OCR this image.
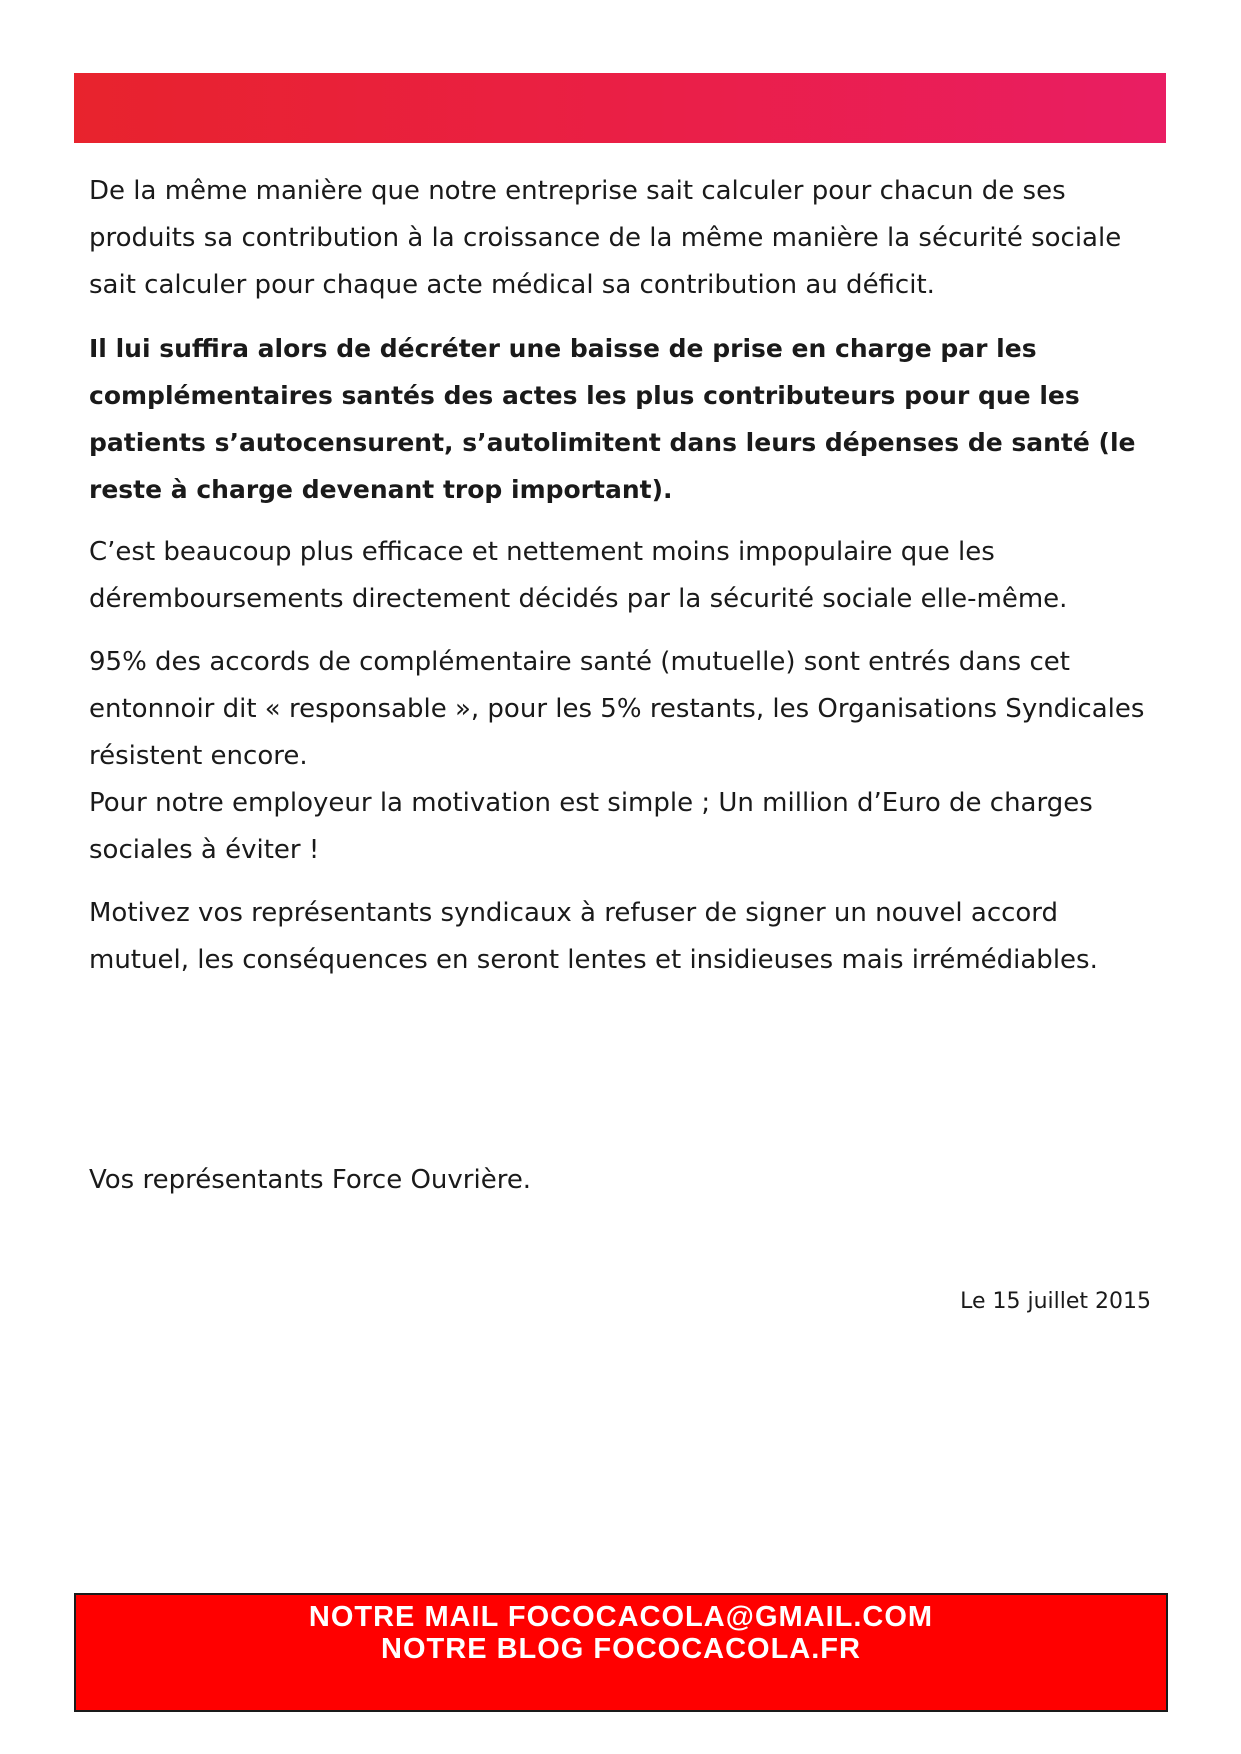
De la même manière que notre entreprise sait calculer pour chacun de ses produits sa contribution à la croissance de la même manière la sécurité sociale sait calculer pour chaque acte médical sa contribution au déficit.

Il lui suffira alors de décréter une baisse de prise en charge par les complémentaires santés des actes les plus contributeurs pour que les patients s’autocensurent, s’autolimitent dans leurs dépenses de santé (le reste à charge devenant trop important).

C’est beaucoup plus efficace et nettement moins impopulaire que les déremboursements directement décidés par la sécurité sociale elle-même.

95% des accords de complémentaire santé (mutuelle) sont entrés dans cet entonnoir dit « responsable », pour les 5% restants, les Organisations Syndicales résistent encore.

Pour notre employeur la motivation est simple ; Un million d’Euro de charges sociales à éviter !

Motivez vos représentants syndicaux à refuser de signer un nouvel accord mutuel, les conséquences en seront lentes et insidieuses mais irrémédiables.

Vos représentants Force Ouvrière.
Le 15 juillet 2015
NOTRE MAIL FOCOCACOLA@GMAIL.COM
NOTRE BLOG FOCOCACOLA.FR
